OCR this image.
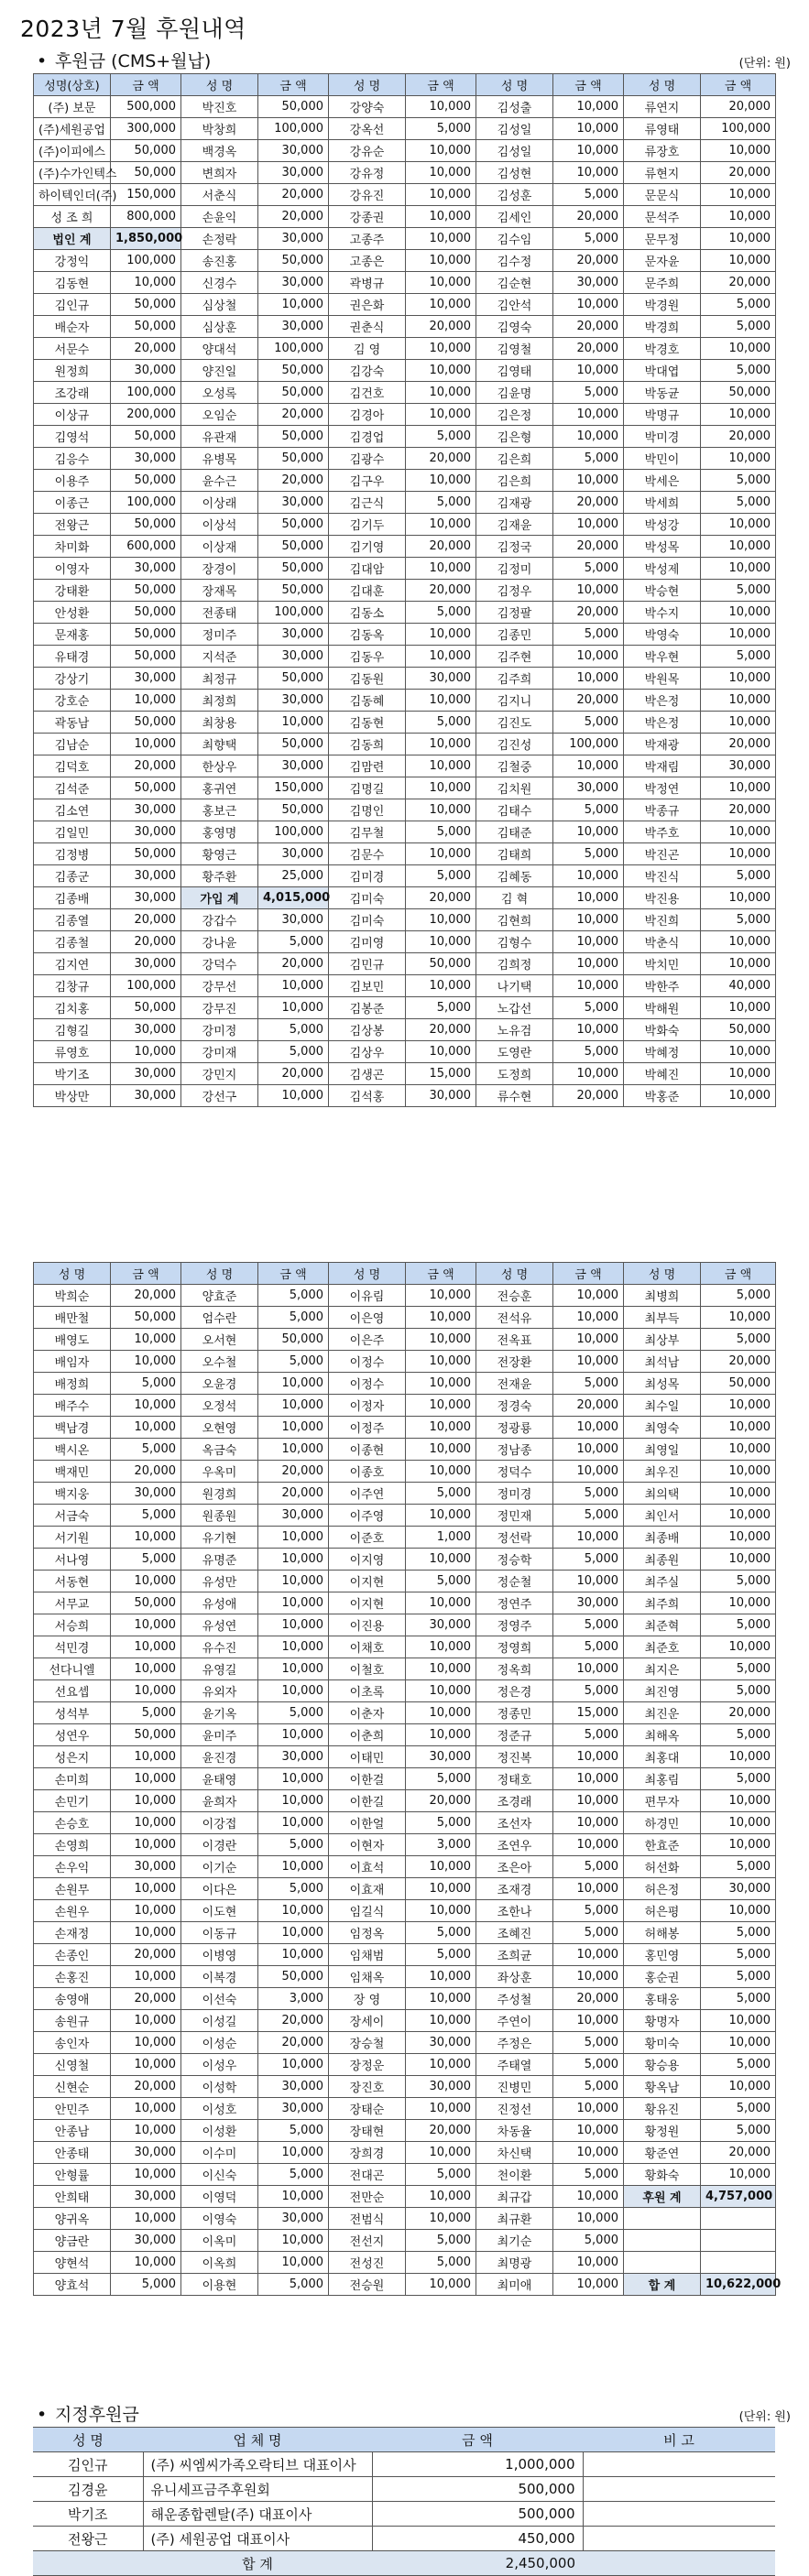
2023년 7월 후원내역
• 후원금 (CMS+월납)	(단위: 원)
성명(상호)	금 액	성 명	금 액	성 명	금 액	성 명	금 액	성 명	금 액
(주) 보문	500,000	박진호	50,000	강양숙	10,000	김성출	10,000	류연지	20,000
(주)세원공업	300,000	박창희	100,000	강옥선	5,000	김성일	10,000	류영태	100,000
(주)이피에스	50,000	백경옥	30,000	강유순	10,000	김성일	10,000	류장호	10,000
(주)수가인텍스	50,000	변희자	30,000	강유정	10,000	김성현	10,000	류현지	20,000
하이텍인더(주)	150,000	서춘식	20,000	강유진	10,000	김성훈	5,000	문문식	10,000
성 조 희	800,000	손윤익	20,000	강종권	10,000	김세인	20,000	문석주	10,000
법인 계	1,850,000	손정락	30,000	고종주	10,000	김수임	5,000	문무정	10,000
강정익	100,000	송진홍	50,000	고종은	10,000	김수정	20,000	문자윤	10,000
김동현	10,000	신경수	30,000	곽병규	10,000	김순현	30,000	문주희	20,000
김인규	50,000	심상철	10,000	권은화	10,000	김안석	10,000	박경원	5,000
배순자	50,000	심상훈	30,000	권춘식	20,000	김영숙	20,000	박경희	5,000
서문수	20,000	양대석	100,000	김 영	10,000	김영철	20,000	박경호	10,000
원정희	30,000	양진일	50,000	김강숙	10,000	김영태	10,000	박대엽	5,000
조강래	100,000	오성록	50,000	김건호	10,000	김윤명	5,000	박동균	50,000
이상규	200,000	오임순	20,000	김경아	10,000	김은정	10,000	박명규	10,000
김영석	50,000	유관재	50,000	김경업	5,000	김은형	10,000	박미경	20,000
김응수	30,000	유병목	50,000	김광수	20,000	김은희	5,000	박민이	10,000
이용주	50,000	윤수근	20,000	김구우	10,000	김은희	10,000	박세은	5,000
이종근	100,000	이상래	30,000	김근식	5,000	김재광	20,000	박세희	5,000
전왕근	50,000	이상석	50,000	김기두	10,000	김재윤	10,000	박성강	10,000
차미화	600,000	이상재	50,000	김기영	20,000	김정국	20,000	박성목	10,000
이영자	30,000	장경이	50,000	김대암	10,000	김정미	5,000	박성제	10,000
강태환	50,000	장재목	50,000	김대훈	20,000	김정우	10,000	박승현	5,000
안성환	50,000	전종태	100,000	김동소	5,000	김정팔	20,000	박수지	10,000
문재홍	50,000	정미주	30,000	김동옥	10,000	김종민	5,000	박영숙	10,000
유태경	50,000	지석준	30,000	김동우	10,000	김주현	10,000	박우현	5,000
강상기	30,000	최정규	50,000	김동원	30,000	김주희	10,000	박원목	10,000
강호순	10,000	최정희	30,000	김동혜	10,000	김지니	20,000	박은정	10,000
곽동남	50,000	최창용	10,000	김동현	5,000	김진도	5,000	박은정	10,000
김남순	10,000	최향택	50,000	김동희	10,000	김진성	100,000	박재광	20,000
김덕호	20,000	한상우	30,000	김맘련	10,000	김철중	10,000	박재림	30,000
김석준	50,000	홍귀연	150,000	김명길	10,000	김치원	30,000	박정연	10,000
김소연	30,000	홍보근	50,000	김명인	10,000	김태수	5,000	박종규	20,000
김일민	30,000	홍영명	100,000	김무철	5,000	김태준	10,000	박주호	10,000
김정병	50,000	황영근	30,000	김문수	10,000	김태희	5,000	박진곤	10,000
김종군	30,000	황주환	25,000	김미경	5,000	김혜동	10,000	박진식	5,000
김종배	30,000	가입 계	4,015,000	김미숙	20,000	김 혁	10,000	박진용	10,000
김종열	20,000	강갑수	30,000	김미숙	10,000	김현희	10,000	박진희	5,000
김종철	20,000	강나윤	5,000	김미영	10,000	김형수	10,000	박춘식	10,000
김지연	30,000	강덕수	20,000	김민규	50,000	김희정	10,000	박치민	10,000
김창규	100,000	강무선	10,000	김보민	10,000	나기택	10,000	박한주	40,000
김치홍	50,000	강무진	10,000	김봉준	5,000	노갑선	5,000	박해원	10,000
김형길	30,000	강미정	5,000	김상봉	20,000	노유검	10,000	박화숙	50,000
류영호	10,000	강미재	5,000	김상우	10,000	도영란	5,000	박혜정	10,000
박기조	30,000	강민지	20,000	김생곤	15,000	도정희	10,000	박혜진	10,000
박상만	30,000	강선구	10,000	김석홍	30,000	류수현	20,000	박홍준	10,000
성 명	금 액	성 명	금 액	성 명	금 액	성 명	금 액	성 명	금 액
박희순	20,000	양효준	5,000	이유림	10,000	전승훈	10,000	최병희	5,000
배만철	50,000	엄수란	5,000	이은영	10,000	전석유	10,000	최부득	10,000
배영도	10,000	오서현	50,000	이은주	10,000	전옥표	10,000	최상부	5,000
배임자	10,000	오수철	5,000	이정수	10,000	전장환	10,000	최석남	20,000
배정희	5,000	오윤경	10,000	이정수	10,000	전재윤	5,000	최성목	50,000
배주수	10,000	오정석	10,000	이정자	10,000	정경숙	20,000	최수일	10,000
백남경	10,000	오현영	10,000	이정주	10,000	정광룡	10,000	최영숙	10,000
백시온	5,000	옥금숙	10,000	이종현	10,000	정남종	10,000	최영일	10,000
백재민	20,000	우옥미	20,000	이종호	10,000	정덕수	10,000	최우진	10,000
백지웅	30,000	원경희	20,000	이주연	5,000	정미경	5,000	최의택	10,000
서금숙	5,000	원종원	30,000	이주영	10,000	정민재	5,000	최인서	10,000
서기원	10,000	유기현	10,000	이준호	1,000	정선락	10,000	최종배	10,000
서나영	5,000	유명준	10,000	이지영	10,000	정승학	5,000	최종원	10,000
서동현	10,000	유성만	10,000	이지현	5,000	정순철	10,000	최주실	5,000
서무교	50,000	유성애	10,000	이지현	10,000	정연주	30,000	최주희	10,000
서승희	10,000	유성연	10,000	이진용	30,000	정영주	5,000	최준혁	5,000
석민경	10,000	유수진	10,000	이채호	10,000	정영희	5,000	최준호	10,000
선다니엘	10,000	유영길	10,000	이철호	10,000	정옥희	10,000	최지은	5,000
선요셉	10,000	유외자	10,000	이초록	10,000	정은경	5,000	최진영	5,000
성석부	5,000	윤기옥	5,000	이춘자	10,000	정종민	15,000	최진운	20,000
성연우	50,000	윤미주	10,000	이춘희	10,000	정준규	5,000	최해옥	5,000
성은지	10,000	윤진경	30,000	이태민	30,000	정진복	10,000	최홍대	10,000
손미희	10,000	윤태영	10,000	이한걸	5,000	정태호	10,000	최홍림	5,000
손민기	10,000	윤희자	10,000	이한길	20,000	조경래	10,000	편무자	10,000
손승호	10,000	이강접	10,000	이한얼	5,000	조선자	10,000	하경민	10,000
손영희	10,000	이경란	5,000	이현자	3,000	조연우	10,000	한효준	10,000
손우익	30,000	이기순	10,000	이효석	10,000	조은아	5,000	허선화	5,000
손원무	10,000	이다은	5,000	이효재	10,000	조재경	10,000	허은정	30,000
손원우	10,000	이도현	10,000	임길식	10,000	조한나	5,000	허은평	10,000
손재정	10,000	이동규	10,000	임정옥	5,000	조혜진	5,000	허해봉	5,000
손종인	20,000	이병영	10,000	임채범	5,000	조희균	10,000	홍민영	5,000
손홍진	10,000	이복경	50,000	임채옥	10,000	좌상훈	10,000	홍순권	5,000
송영애	20,000	이선숙	3,000	장 영	10,000	주성철	20,000	홍태웅	5,000
송원규	10,000	이성길	20,000	장세이	10,000	주연이	10,000	황명자	10,000
송인자	10,000	이성순	20,000	장승철	30,000	주정은	5,000	황미숙	10,000
신영철	10,000	이성우	10,000	장정운	10,000	주태열	5,000	황승용	5,000
신현순	20,000	이성학	30,000	장진호	30,000	진병민	5,000	황옥남	10,000
안민주	10,000	이성호	30,000	장태순	10,000	진정선	10,000	황유진	5,000
안종남	10,000	이성환	5,000	장태현	20,000	차동율	10,000	황정원	5,000
안종태	30,000	이수미	10,000	장희경	10,000	차신택	10,000	황준연	20,000
안형률	10,000	이신숙	5,000	전대곤	5,000	천이환	5,000	황화숙	10,000
안희태	30,000	이영덕	10,000	전만순	10,000	최규갑	10,000	후원 계	4,757,000
양귀옥	10,000	이영숙	30,000	전범식	10,000	최규환	10,000		
양금란	30,000	이옥미	10,000	전선지	5,000	최기순	5,000		
양현석	10,000	이옥희	10,000	전성진	5,000	최명광	10,000		
양효석	5,000	이용현	5,000	전승원	10,000	최미애	10,000	합 계	10,622,000
• 지정후원금	(단위: 원)
성 명	업 체 명	금 액	비 고
김인규	(주) 씨엠씨가족오락티브 대표이사	1,000,000	
김경윤	유니세프금주후원회	500,000	
박기조	해운종합렌탈(주) 대표이사	500,000	
전왕근	(주) 세원공업 대표이사	450,000	
	합 계	2,450,000	
